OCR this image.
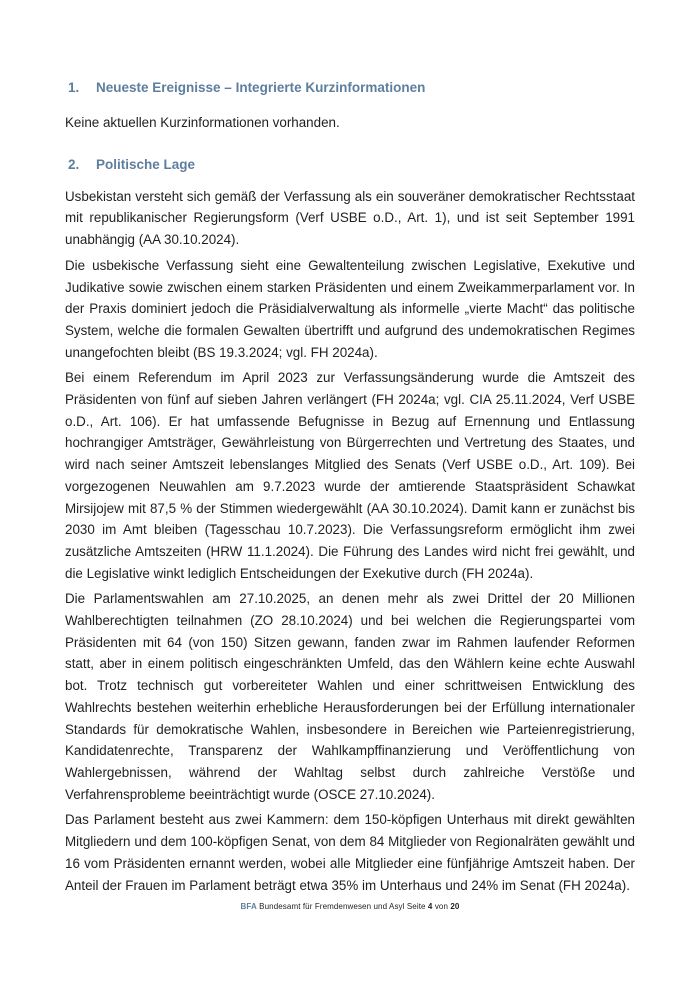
1.	Neueste Ereignisse – Integrierte Kurzinformationen

Keine aktuellen Kurzinformationen vorhanden.

2.	Politische Lage

Usbekistan versteht sich gemäß der Verfassung als ein souveräner demokratischer Rechtsstaat mit republikanischer Regierungsform (Verf USBE o.D., Art. 1), und ist seit September 1991 unabhängig (AA 30.10.2024).

Die usbekische Verfassung sieht eine Gewaltenteilung zwischen Legislative, Exekutive und Judikative sowie zwischen einem starken Präsidenten und einem Zweikammerparlament vor. In der Praxis dominiert jedoch die Präsidialverwaltung als informelle „vierte Macht“ das politische System, welche die formalen Gewalten übertrifft und aufgrund des undemokratischen Regimes unangefochten bleibt (BS 19.3.2024; vgl. FH 2024a).

Bei einem Referendum im April 2023 zur Verfassungsänderung wurde die Amtszeit des Präsidenten von fünf auf sieben Jahren verlängert (FH 2024a; vgl. CIA 25.11.2024, Verf USBE o.D., Art. 106). Er hat umfassende Befugnisse in Bezug auf Ernennung und Entlassung hochrangiger Amtsträger, Gewährleistung von Bürgerrechten und Vertretung des Staates, und wird nach seiner Amtszeit lebenslanges Mitglied des Senats (Verf USBE o.D., Art. 109). Bei vorgezogenen Neuwahlen am 9.7.2023 wurde der amtierende Staatspräsident Schawkat Mirsijojew mit 87,5 % der Stimmen wiedergewählt (AA 30.10.2024). Damit kann er zunächst bis 2030 im Amt bleiben (Tagesschau 10.7.2023). Die Verfassungsreform ermöglicht ihm zwei zusätzliche Amtszeiten (HRW 11.1.2024). Die Führung des Landes wird nicht frei gewählt, und die Legislative winkt lediglich Entscheidungen der Exekutive durch (FH 2024a).

Die Parlamentswahlen am 27.10.2025, an denen mehr als zwei Drittel der 20 Millionen Wahlberechtigten teilnahmen (ZO 28.10.2024) und bei welchen die Regierungspartei vom Präsidenten mit 64 (von 150) Sitzen gewann, fanden zwar im Rahmen laufender Reformen statt, aber in einem politisch eingeschränkten Umfeld, das den Wählern keine echte Auswahl bot. Trotz technisch gut vorbereiteter Wahlen und einer schrittweisen Entwicklung des Wahlrechts bestehen weiterhin erhebliche Herausforderungen bei der Erfüllung internationaler Standards für demokratische Wahlen, insbesondere in Bereichen wie Parteienregistrierung, Kandidatenrechte, Transparenz der Wahlkampffinanzierung und Veröffentlichung von Wahlergebnissen, während der Wahltag selbst durch zahlreiche Verstöße und Verfahrensprobleme beeinträchtigt wurde (OSCE 27.10.2024).

Das Parlament besteht aus zwei Kammern: dem 150-köpfigen Unterhaus mit direkt gewählten Mitgliedern und dem 100-köpfigen Senat, von dem 84 Mitglieder von Regionalräten gewählt und 16 vom Präsidenten ernannt werden, wobei alle Mitglieder eine fünfjährige Amtszeit haben. Der Anteil der Frauen im Parlament beträgt etwa 35% im Unterhaus und 24% im Senat (FH 2024a).

BFA Bundesamt für Fremdenwesen und Asyl Seite 4 von 20
